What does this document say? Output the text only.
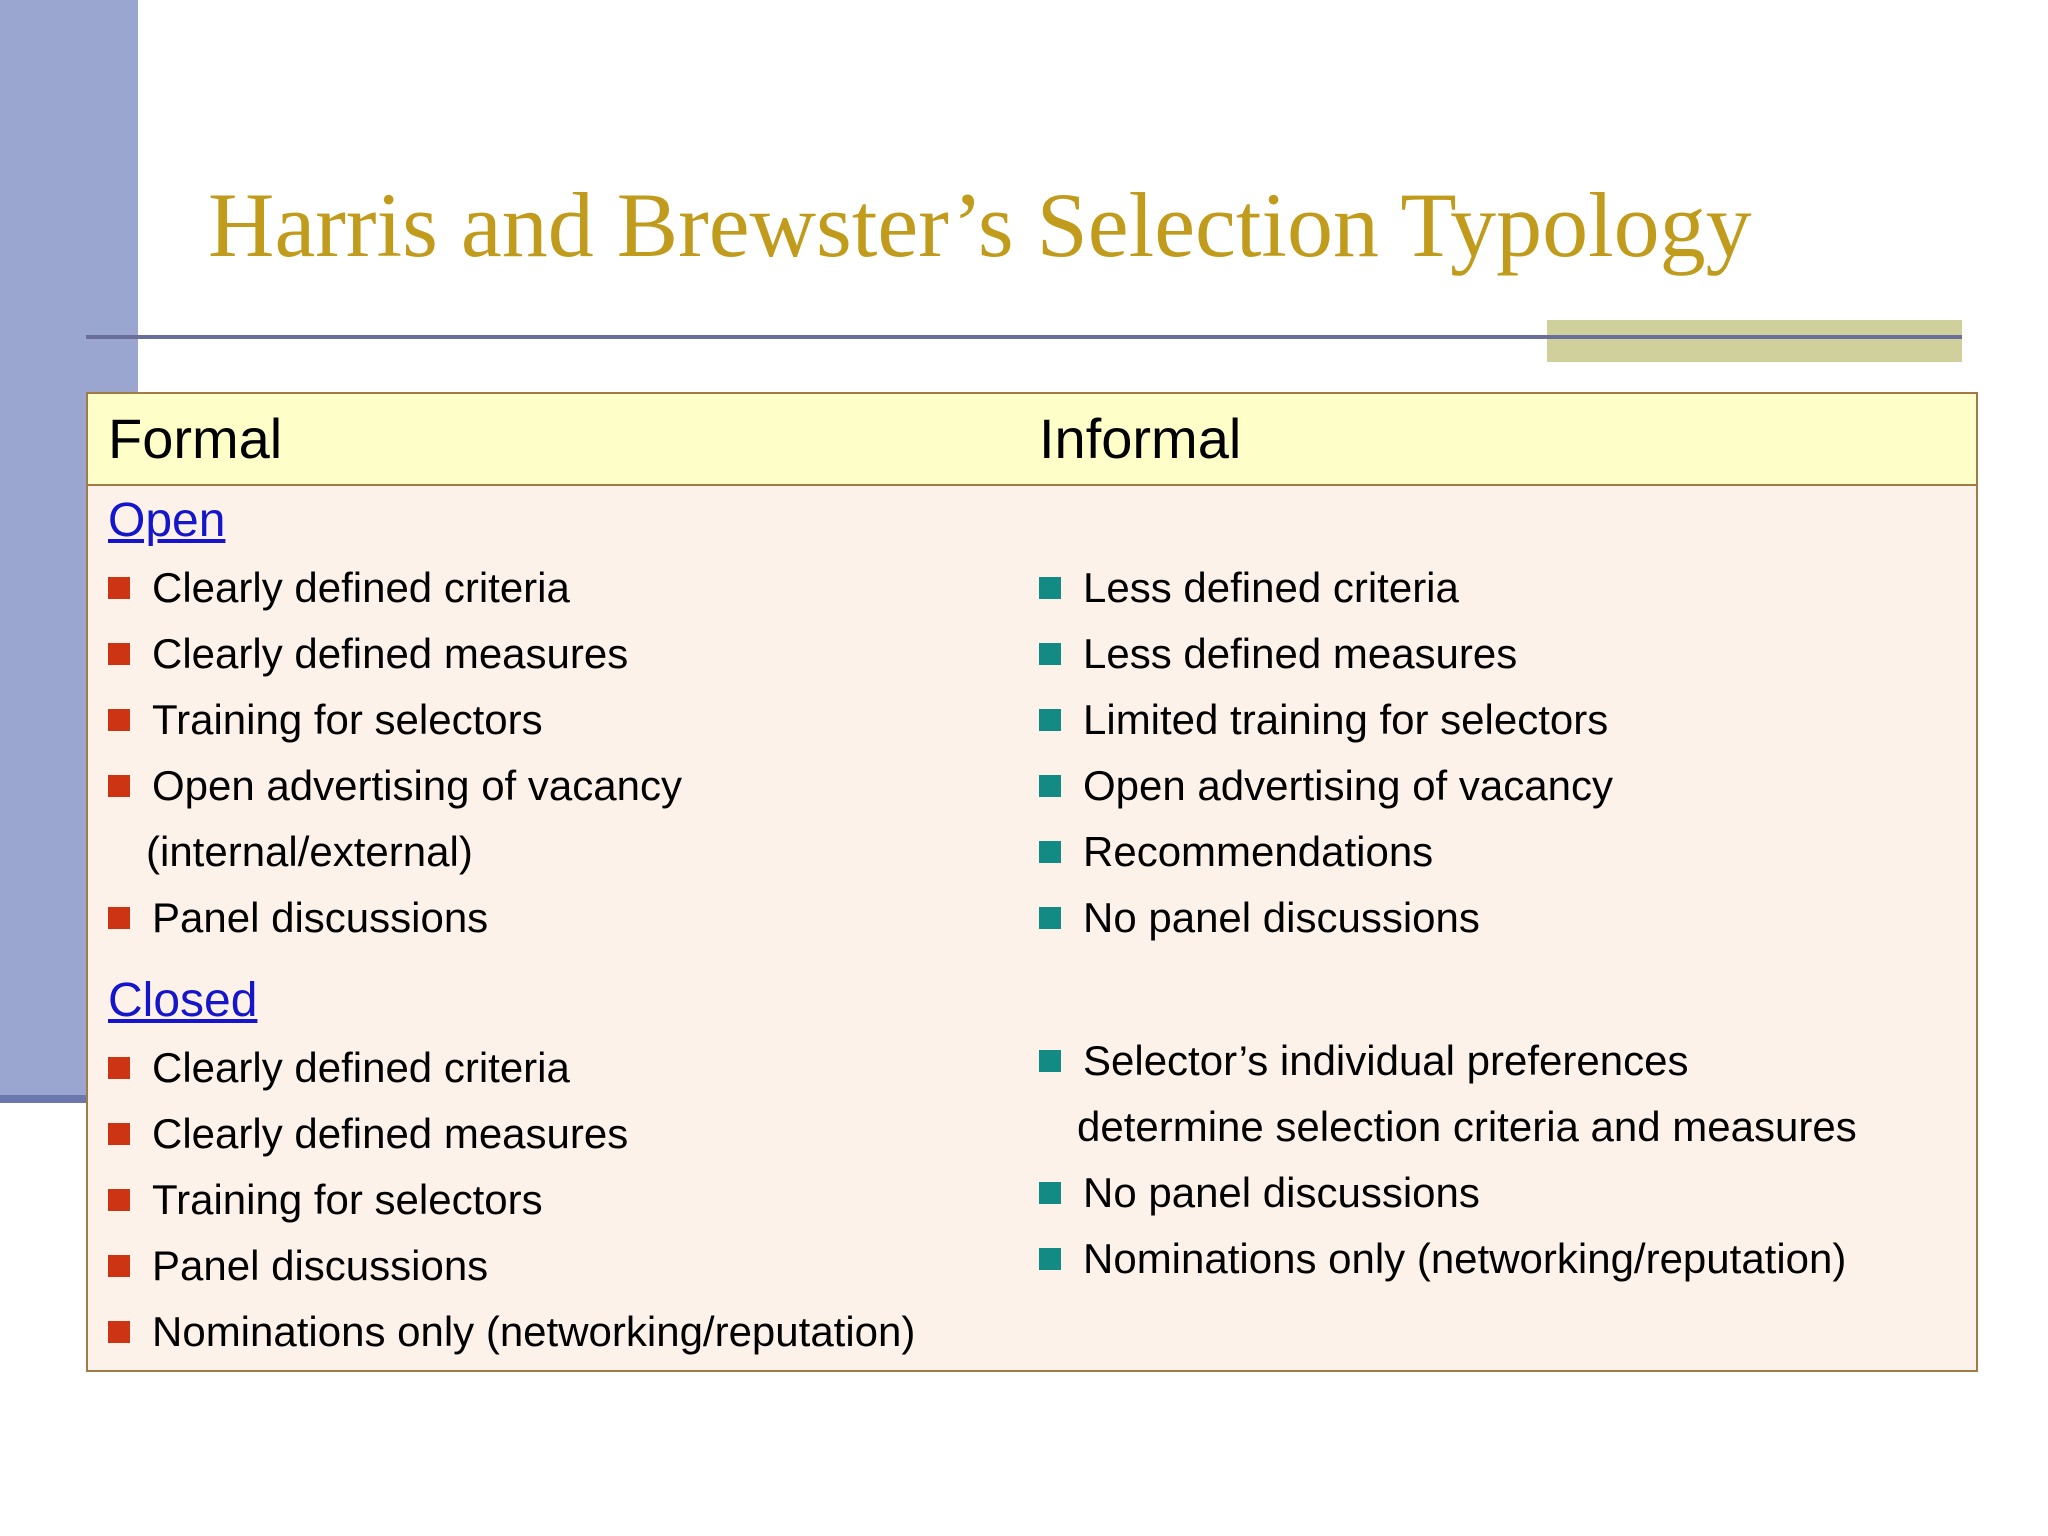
Harris and Brewster’s Selection Typology
Formal	Informal
Open
Clearly defined criteria
Clearly defined measures
Training for selectors
Open advertising of vacancy
(internal/external)
Panel discussions
Less defined criteria
Less defined measures
Limited training for selectors
Open advertising of vacancy
Recommendations
No panel discussions
Closed
Clearly defined criteria
Clearly defined measures
Training for selectors
Panel discussions
Nominations only (networking/reputation)
Selector’s individual preferences
determine selection criteria and measures
No panel discussions
Nominations only (networking/reputation)
